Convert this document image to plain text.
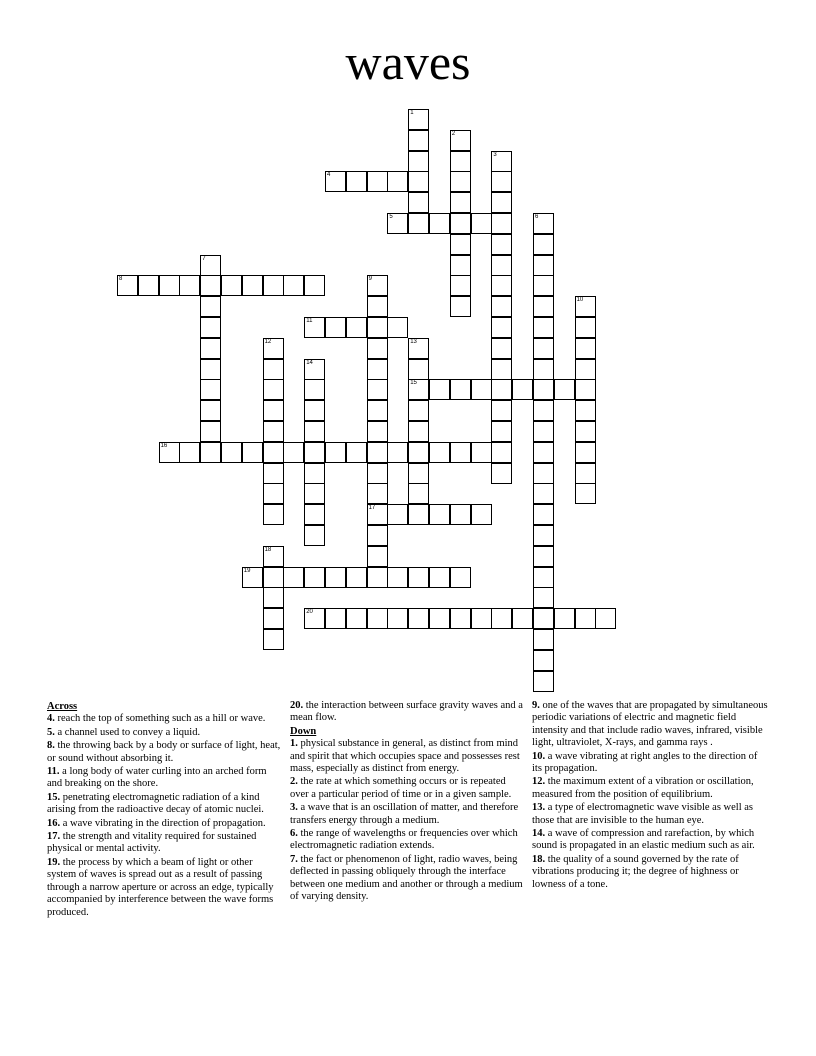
waves
1
2
3
4
5	6
7
8	9
17
10
11
12	13
15
14
16
18
19
20
Across
4. reach the top of something such as a hill or wave.
5. a channel used to convey a liquid.
8. the throwing back by a body or surface of light, heat, or sound without absorbing it.
11. a long body of water curling into an arched form and breaking on the shore.
15. penetrating electromagnetic radiation of a kind arising from the radioactive decay of atomic nuclei.
16. a wave vibrating in the direction of propagation.
17. the strength and vitality required for sustained physical or mental activity.
19. the process by which a beam of light or other system of waves is spread out as a result of passing through a narrow aperture or across an edge, typically accompanied by interference between the wave forms produced.
20. the interaction between surface gravity waves and a mean flow.
Down
1. physical substance in general, as distinct from mind and spirit that which occupies space and possesses rest mass, especially as distinct from energy.
2. the rate at which something occurs or is repeated over a particular period of time or in a given sample.
3. a wave that is an oscillation of matter, and therefore transfers energy through a medium.
6. the range of wavelengths or frequencies over which electromagnetic radiation extends.
7. the fact or phenomenon of light, radio waves, being deflected in passing obliquely through the interface between one medium and another or through a medium of varying density.
9. one of the waves that are propagated by simultaneous periodic variations of electric and magnetic field intensity and that include radio waves, infrared, visible light, ultraviolet, X-rays, and gamma rays .
10. a wave vibrating at right angles to the direction of its propagation.
12. the maximum extent of a vibration or oscillation, measured from the position of equilibrium.
13. a type of electromagnetic wave visible as well as those that are invisible to the human eye.
14. a wave of compression and rarefaction, by which sound is propagated in an elastic medium such as air.
18. the quality of a sound governed by the rate of vibrations producing it; the degree of highness or lowness of a tone.
